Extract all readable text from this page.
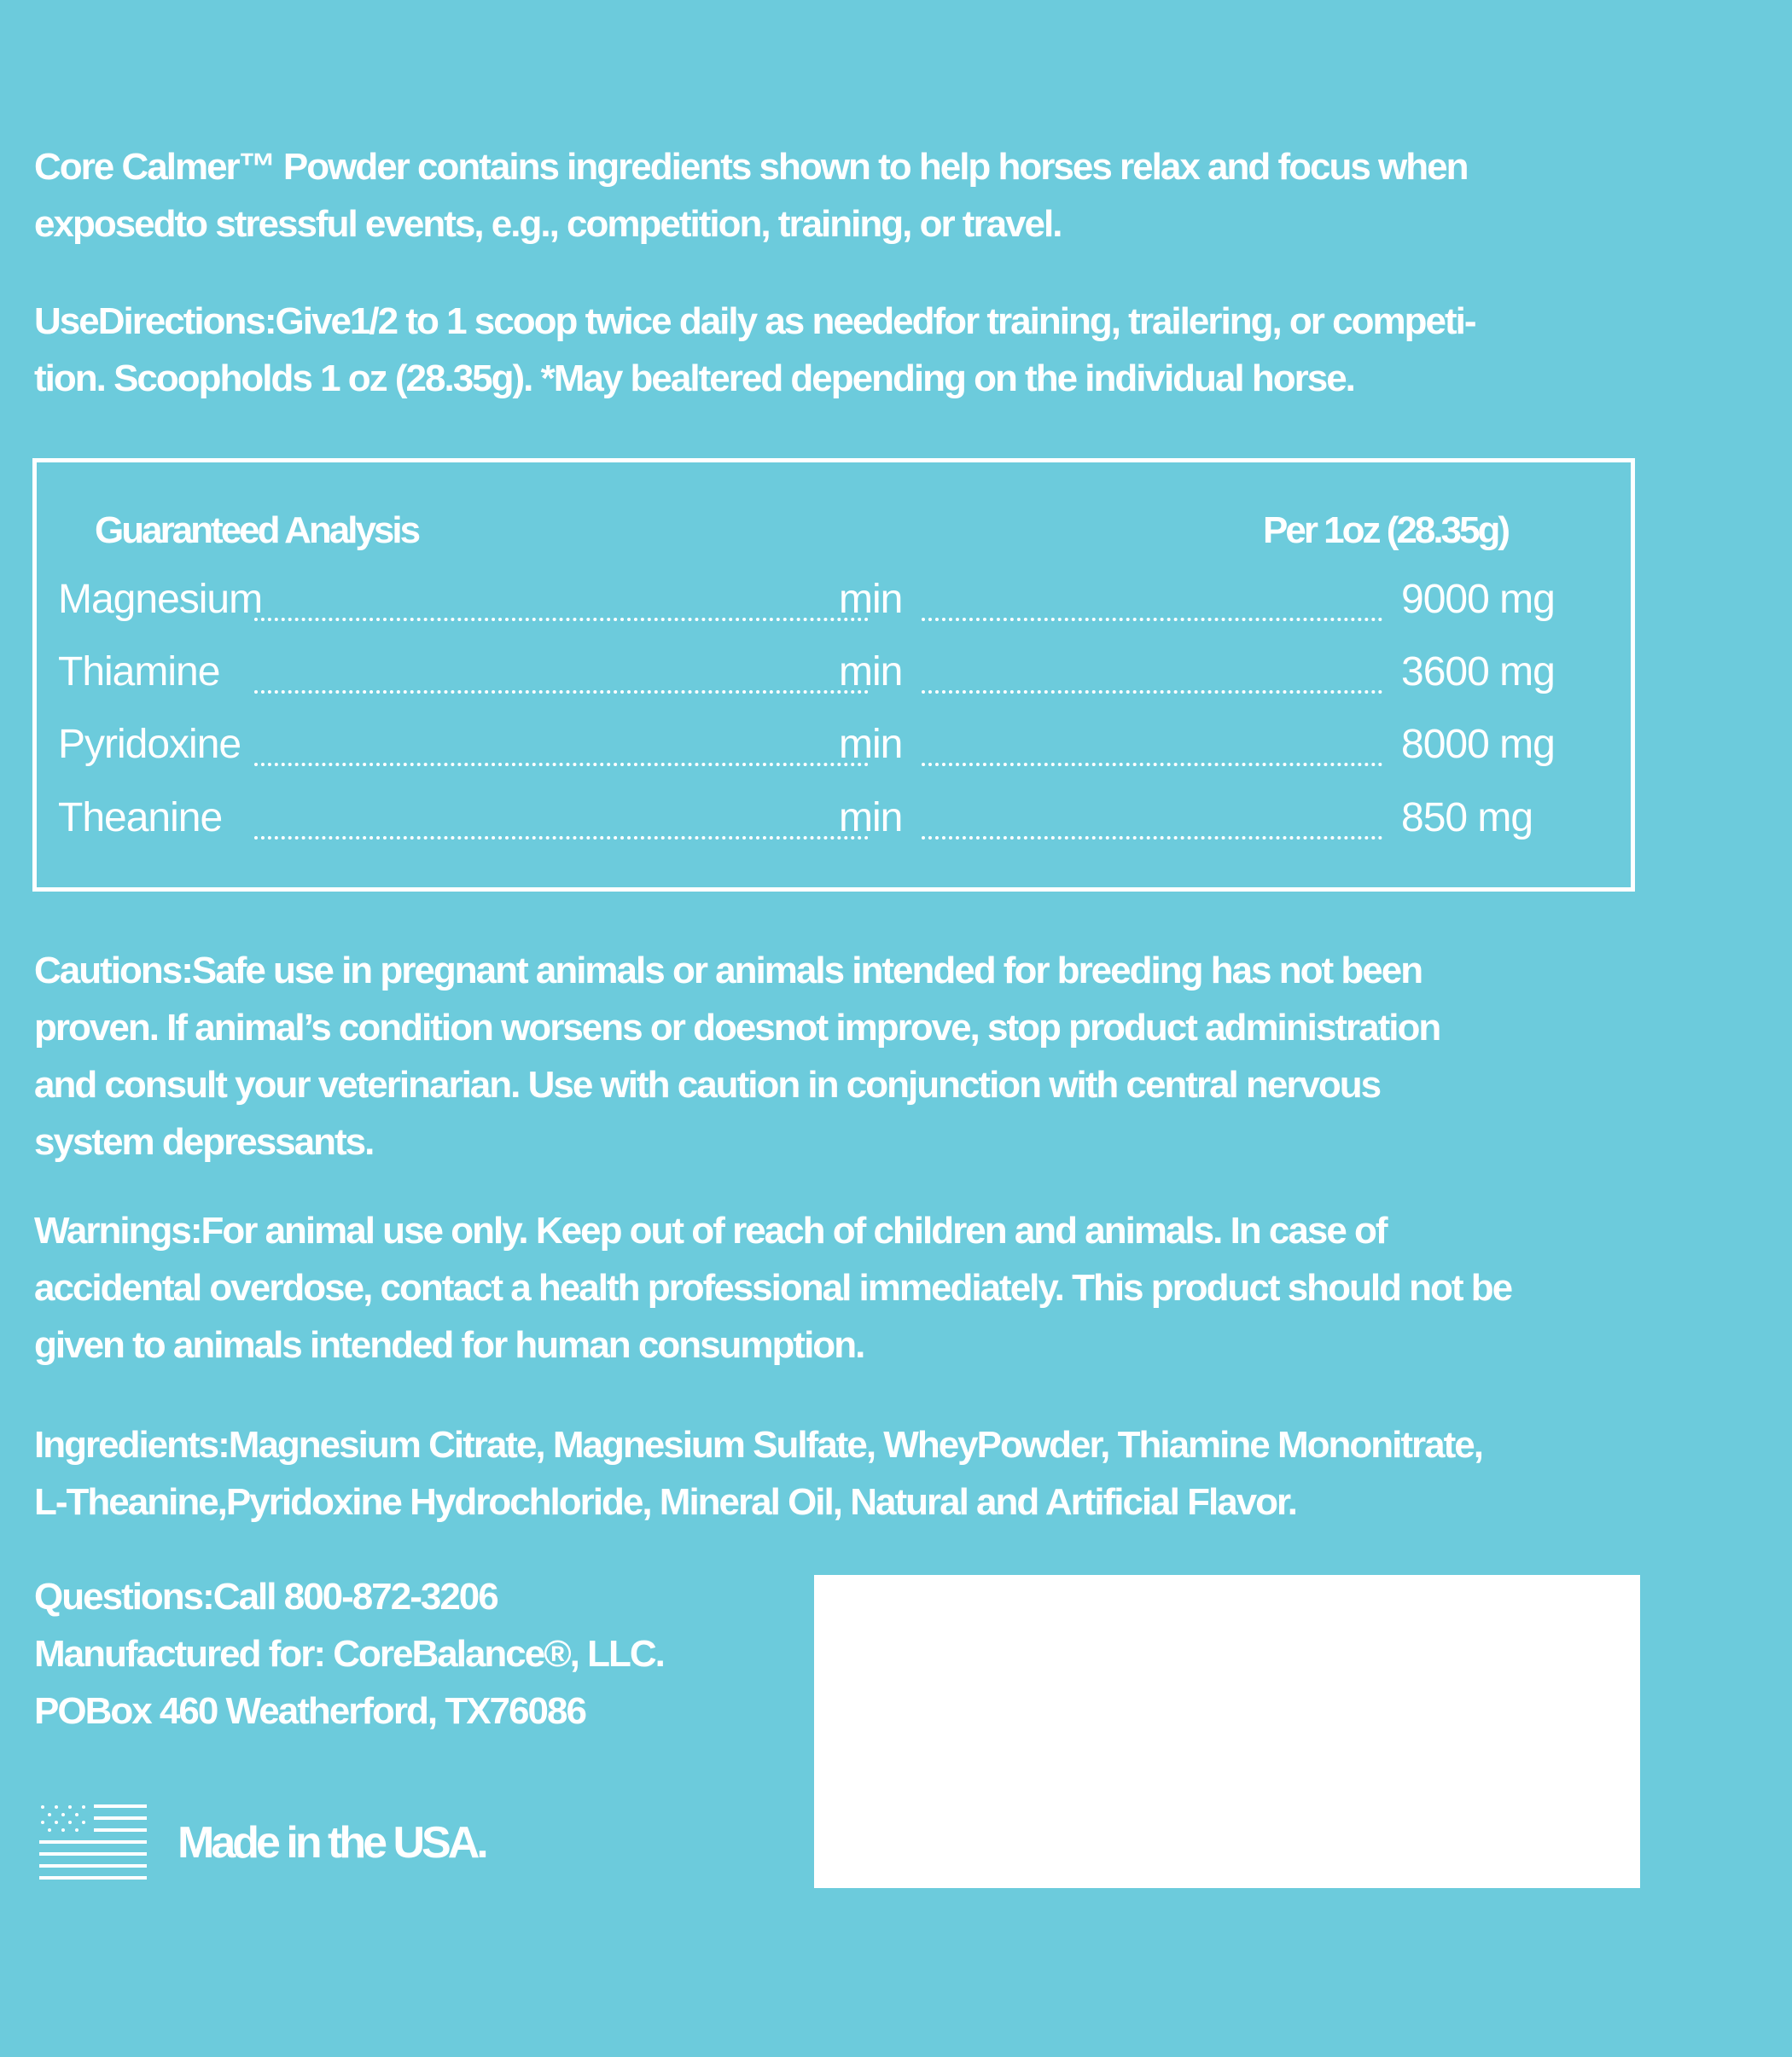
Core Calmer™ Powder contains ingredients shown to help horses relax and focus when
exposedto stressful events, e.g., competition, training, or travel.
UseDirections:Give1/2 to 1 scoop twice daily as neededfor training, trailering, or competi-
tion. Scoopholds 1 oz (28.35g). *May bealtered depending on the individual horse.
Guaranteed Analysis	Per 1oz (28.35g)
Magnesium	min	9000 mg
Thiamine	min	3600 mg
Pyridoxine	min	8000 mg
Theanine	min	850 mg
Cautions:Safe use in pregnant animals or animals intended for breeding has not been
proven. If animal’s condition worsens or doesnot improve, stop product administration
and consult your veterinarian. Use with caution in conjunction with central nervous
system depressants.
Warnings:For animal use only. Keep out of reach of children and animals. In case of
accidental overdose, contact a health professional immediately. This product should not be
given to animals intended for human consumption.
Ingredients:Magnesium Citrate, Magnesium Sulfate, WheyPowder, Thiamine Mononitrate,
L-Theanine,Pyridoxine Hydrochloride, Mineral Oil, Natural and Artificial Flavor.
Questions:Call 800-872-3206
Manufactured for: CoreBalance®, LLC.
POBox 460 Weatherford, TX76086
Made in the USA.
